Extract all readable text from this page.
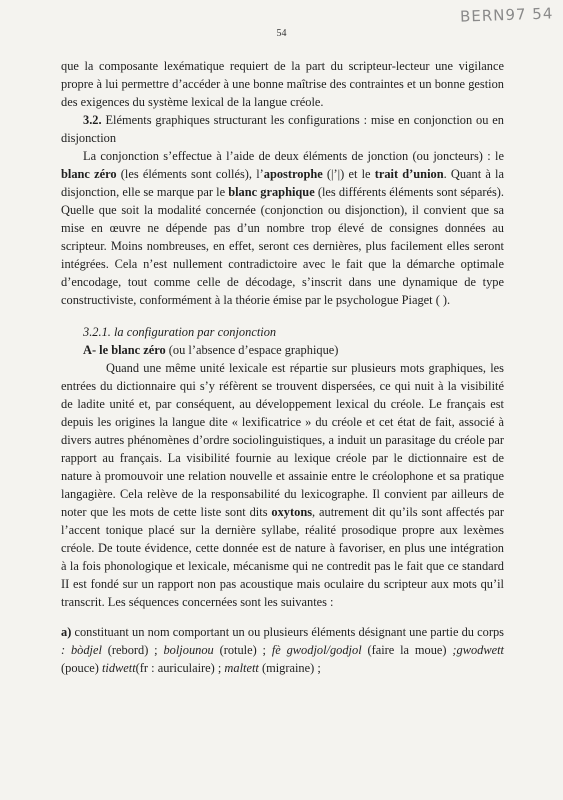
BERN97 54
54

que la composante lexématique requiert de la part du scripteur-lecteur une vigilance propre à lui permettre d’accéder à une bonne maîtrise des contraintes et un bonne gestion des exigences du système lexical de la langue créole.

3.2. Eléments graphiques structurant les configurations : mise en conjonction ou en disjonction

La conjonction s’effectue à l’aide de deux éléments de jonction (ou joncteurs) : le blanc zéro (les éléments sont collés), l’apostrophe (|’|) et le trait d’union. Quant à la disjonction, elle se marque par le blanc graphique (les différents éléments sont séparés). Quelle que soit la modalité concernée (conjonction ou disjonction), il convient que sa mise en œuvre ne dépende pas d’un nombre trop élevé de consignes données au scripteur. Moins nombreuses, en effet, seront ces dernières, plus facilement elles seront intégrées. Cela n’est nullement contradictoire avec le fait que la démarche optimale d’encodage, tout comme celle de décodage, s’inscrit dans une dynamique de type constructiviste, conformément à la théorie émise par le psychologue Piaget ( ).

3.2.1. la configuration par conjonction

A- le blanc zéro (ou l’absence d’espace graphique)

Quand une même unité lexicale est répartie sur plusieurs mots graphiques, les entrées du dictionnaire qui s’y réfèrent se trouvent dispersées, ce qui nuit à la visibilité de ladite unité et, par conséquent, au développement lexical du créole. Le français est depuis les origines la langue dite « lexificatrice » du créole et cet état de fait, associé à divers autres phénomènes d’ordre sociolinguistiques, a induit un parasitage du créole par rapport au français. La visibilité fournie au lexique créole par le dictionnaire est de nature à promouvoir une relation nouvelle et assainie entre le créolophone et sa pratique langagière. Cela relève de la responsabilité du lexicographe. Il convient par ailleurs de noter que les mots de cette liste sont dits oxytons, autrement dit qu’ils sont affectés par l’accent tonique placé sur la dernière syllabe, réalité prosodique propre aux lexèmes créole. De toute évidence, cette donnée est de nature à favoriser, en plus une intégration à la fois phonologique et lexicale, mécanisme qui ne contredit pas le fait que ce standard II est fondé sur un rapport non pas acoustique mais oculaire du scripteur aux mots qu’il transcrit. Les séquences concernées sont les suivantes :

a) constituant un nom comportant un ou plusieurs éléments désignant une partie du corps : bòdjel (rebord) ; boljounou (rotule) ; fè gwodjol/godjol (faire la moue) ;gwodwett (pouce) tidwett(fr : auriculaire) ; maltett (migraine) ;
